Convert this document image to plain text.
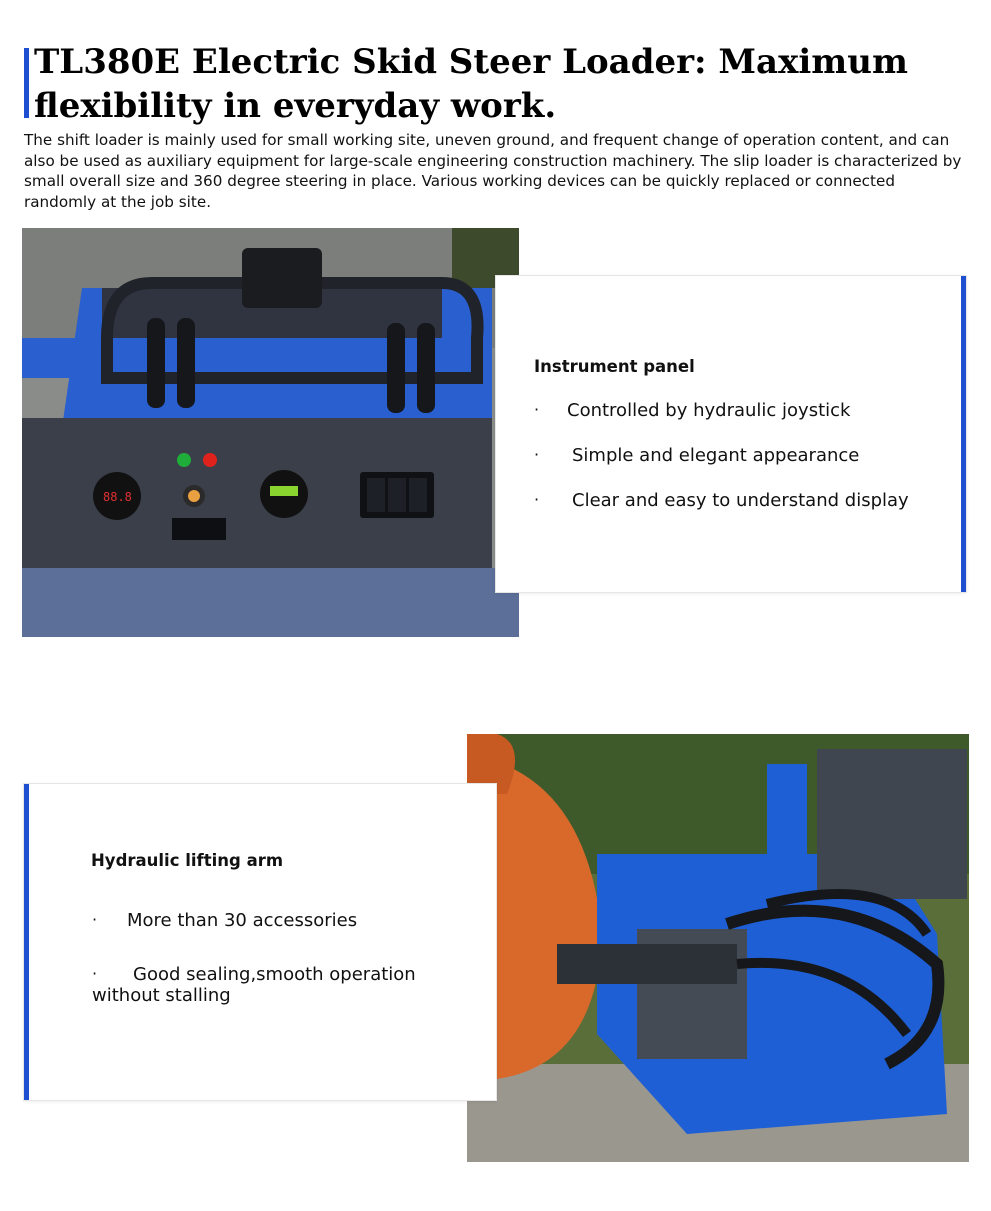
TL380E Electric Skid Steer Loader: Maximum flexibility in everyday work.

The shift loader is mainly used for small working site, uneven ground, and frequent change of operation content, and can also be used as auxiliary equipment for large-scale engineering construction machinery. The slip loader is characterized by small overall size and 360 degree steering in place. Various working devices can be quickly replaced or connected randomly at the job site.

88.8
Instrument panel
· Controlled by hydraulic joystick
· Simple and elegant appearance
· Clear and easy to understand display
Hydraulic lifting arm
· More than 30 accessories
· Good sealing,smooth operation
without stalling
